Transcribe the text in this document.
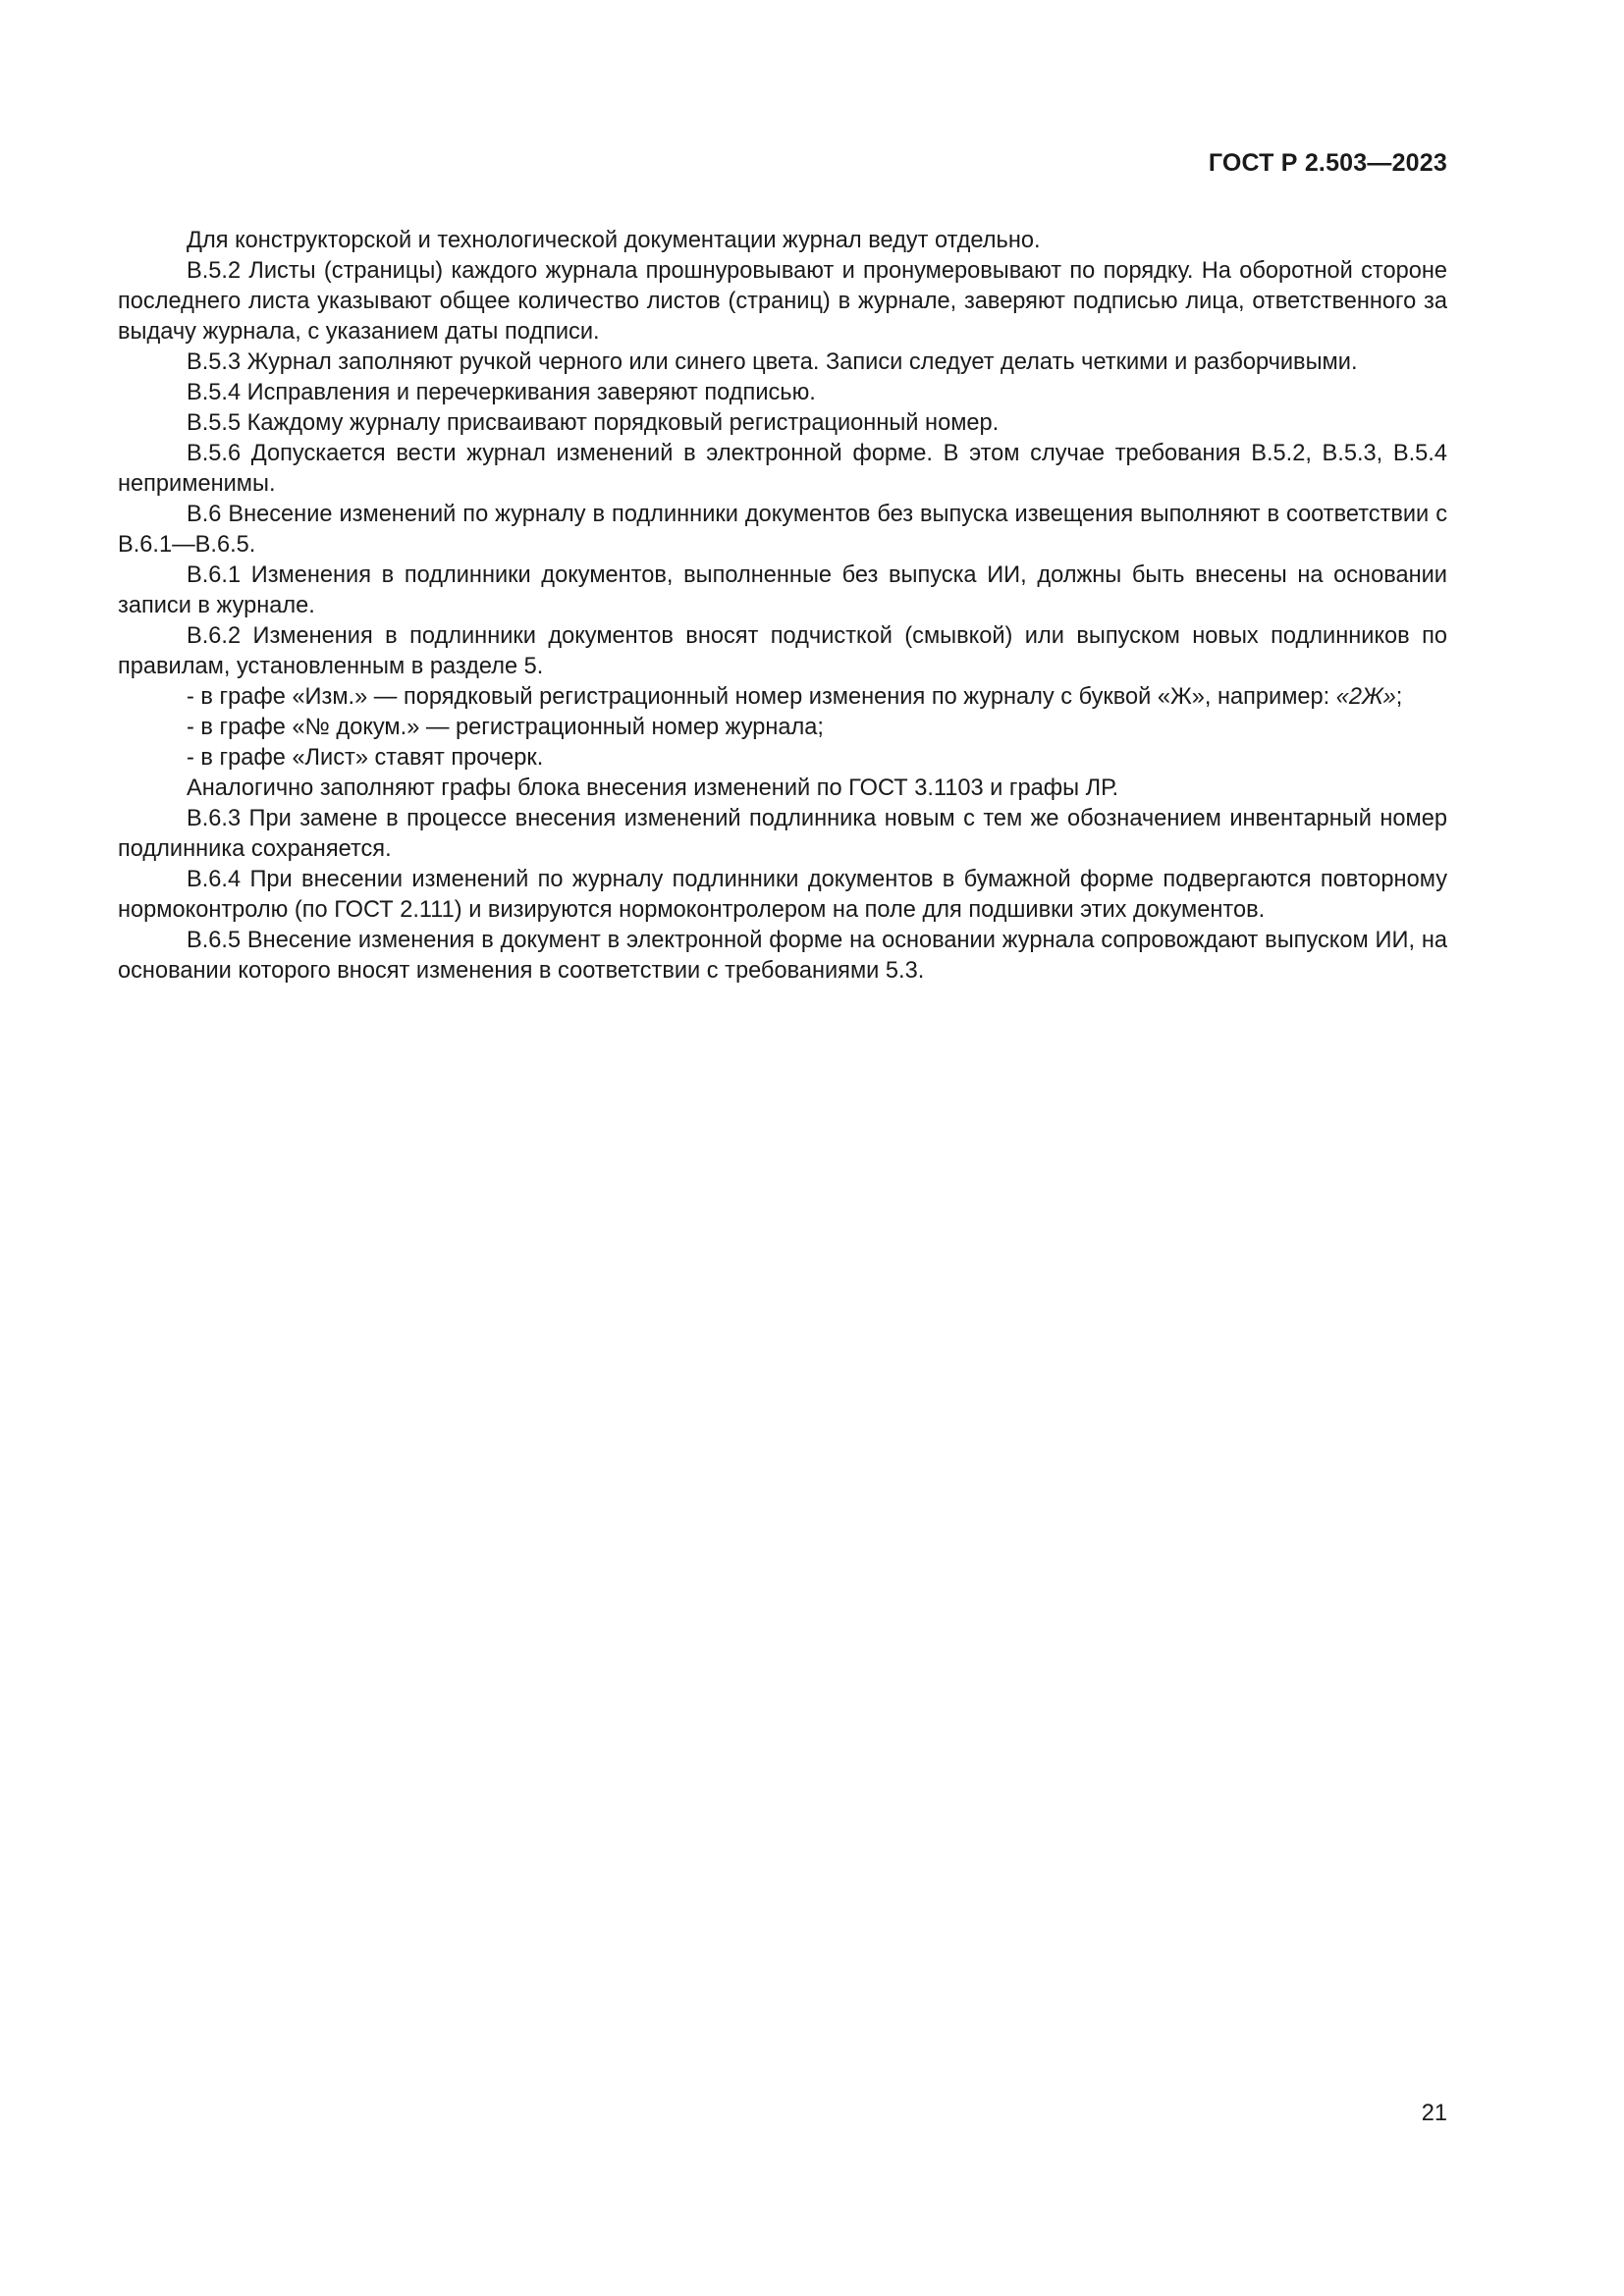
ГОСТ Р 2.503—2023

Для конструкторской и технологической документации журнал ведут отдельно.

В.5.2 Листы (страницы) каждого журнала прошнуровывают и пронумеровывают по порядку. На оборотной стороне последнего листа указывают общее количество листов (страниц) в журнале, заверяют подписью лица, ответственного за выдачу журнала, с указанием даты подписи.

В.5.3 Журнал заполняют ручкой черного или синего цвета. Записи следует делать четкими и разборчивыми.

В.5.4 Исправления и перечеркивания заверяют подписью.

В.5.5 Каждому журналу присваивают порядковый регистрационный номер.

В.5.6 Допускается вести журнал изменений в электронной форме. В этом случае требования В.5.2, В.5.3, В.5.4 неприменимы.

В.6 Внесение изменений по журналу в подлинники документов без выпуска извещения выполняют в соответствии с В.6.1—В.6.5.

В.6.1 Изменения в подлинники документов, выполненные без выпуска ИИ, должны быть внесены на основании записи в журнале.

В.6.2 Изменения в подлинники документов вносят подчисткой (смывкой) или выпуском новых подлинников по правилам, установленным в разделе 5.

- в графе «Изм.» — порядковый регистрационный номер изменения по журналу с буквой «Ж», например: «2Ж»;

- в графе «№ докум.» — регистрационный номер журнала;

- в графе «Лист» ставят прочерк.

Аналогично заполняют графы блока внесения изменений по ГОСТ 3.1103 и графы ЛР.

В.6.3 При замене в процессе внесения изменений подлинника новым с тем же обозначением инвентарный номер подлинника сохраняется.

В.6.4 При внесении изменений по журналу подлинники документов в бумажной форме подвергаются повторному нормоконтролю (по ГОСТ 2.111) и визируются нормоконтролером на поле для подшивки этих документов.

В.6.5 Внесение изменения в документ в электронной форме на основании журнала сопровождают выпуском ИИ, на основании которого вносят изменения в соответствии с требованиями 5.3.

21
